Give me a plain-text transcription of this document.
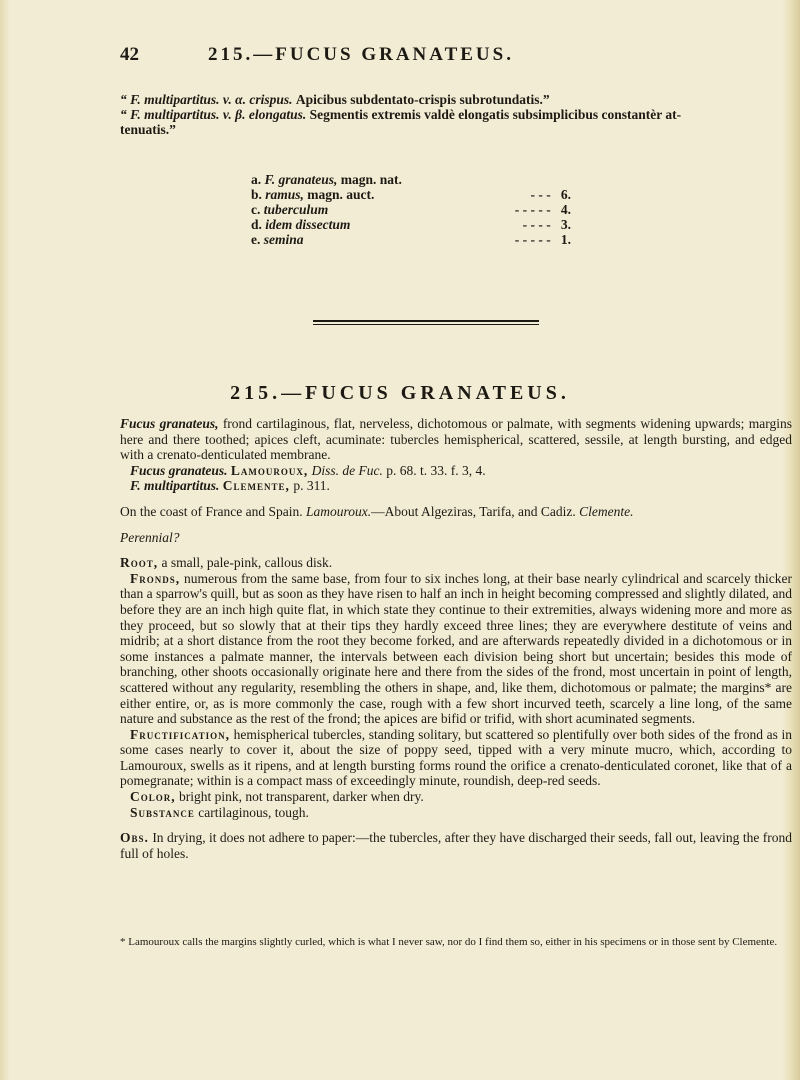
42	215.—FUCUS GRANATEUS.

“ F. multipartitus. v. α. crispus. Apicibus subdentato-crispis subrotundatis.”

“ F. multipartitus. v. β. elongatus. Segmentis extremis valdè elongatis subsimplicibus constantèr at-

tenuatis.”

a. F. granateus, magn. nat.
b. ramus, magn. auct.	- - - 6.
c. tuberculum	- - - - - 4.
d. idem dissectum	- - - - 3.
e. semina	- - - - - 1.
215.—FUCUS GRANATEUS.

Fucus granateus, frond cartilaginous, flat, nerveless, dichotomous or palmate, with segments widening upwards; margins here and there toothed; apices cleft, acuminate: tubercles hemispherical, scattered, sessile, at length bursting, and edged with a crenato-denticulated membrane.

Fucus granateus. Lamouroux, Diss. de Fuc. p. 68. t. 33. f. 3, 4.

F. multipartitus. Clemente, p. 311.

On the coast of France and Spain. Lamouroux.—About Algeziras, Tarifa, and Cadiz. Clemente.

Perennial?

Root, a small, pale-pink, callous disk.

Fronds, numerous from the same base, from four to six inches long, at their base nearly cylindrical and scarcely thicker than a sparrow's quill, but as soon as they have risen to half an inch in height becoming compressed and slightly dilated, and before they are an inch high quite flat, in which state they continue to their extremities, always widening more and more as they proceed, but so slowly that at their tips they hardly exceed three lines; they are everywhere destitute of veins and midrib; at a short distance from the root they become forked, and are afterwards repeatedly divided in a dichotomous or in some instances a palmate manner, the intervals between each division being short but uncertain; besides this mode of branching, other shoots occasionally originate here and there from the sides of the frond, most uncertain in point of length, scattered without any regularity, resembling the others in shape, and, like them, dichotomous or palmate; the margins* are either entire, or, as is more commonly the case, rough with a few short incurved teeth, scarcely a line long, of the same nature and substance as the rest of the frond; the apices are bifid or trifid, with short acuminated segments.

Fructification, hemispherical tubercles, standing solitary, but scattered so plentifully over both sides of the frond as in some cases nearly to cover it, about the size of poppy seed, tipped with a very minute mucro, which, according to Lamouroux, swells as it ripens, and at length bursting forms round the orifice a crenato-denticulated coronet, like that of a pomegranate; within is a compact mass of exceedingly minute, roundish, deep-red seeds.

Color, bright pink, not transparent, darker when dry.

Substance cartilaginous, tough.

Obs. In drying, it does not adhere to paper:—the tubercles, after they have discharged their seeds, fall out, leaving the frond full of holes.

* Lamouroux calls the margins slightly curled, which is what I never saw, nor do I find them so, either in his specimens or in those sent by Clemente.
